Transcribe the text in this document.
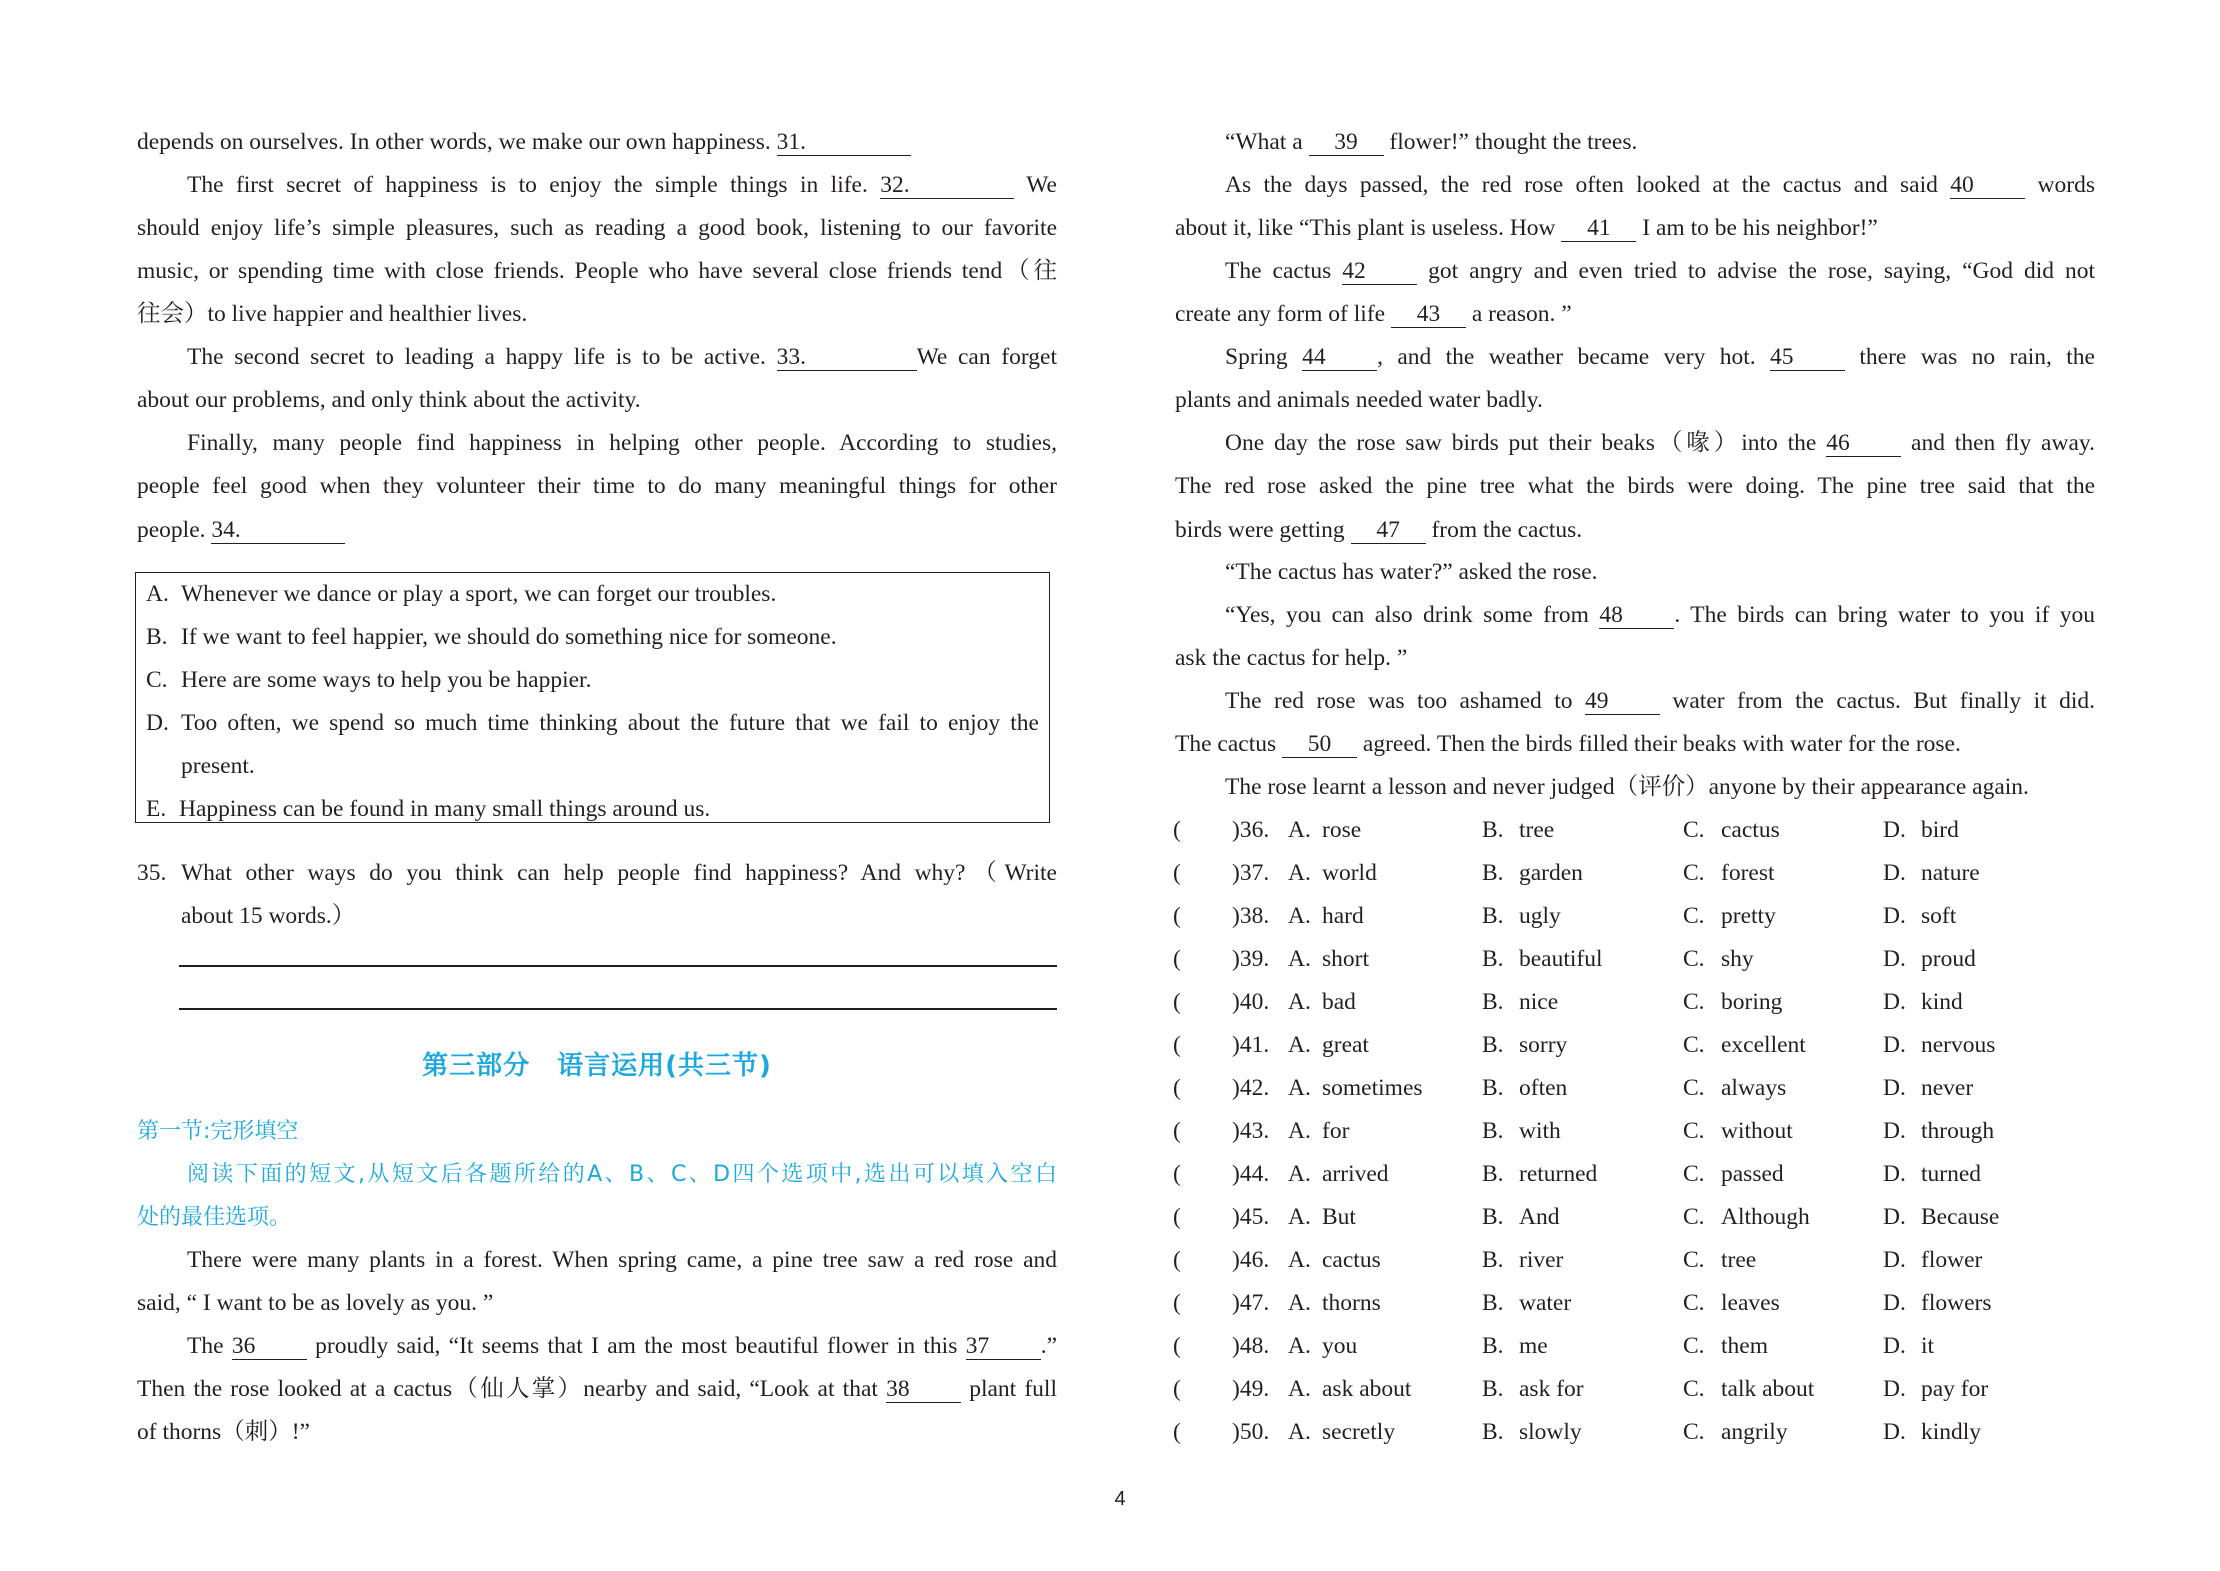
depends on ourselves. In other words, we make our own happiness. 31.
The first secret of happiness is to enjoy the simple things in life. 32.	We
should enjoy life’s simple pleasures, such as reading a good book, listening to our favorite
music, or spending time with close friends. People who have several close friends tend（往
往会）to live happier and healthier lives.
The second secret to leading a happy life is to be active. 33.	We can forget
about our problems, and only think about the activity.
Finally, many people find happiness in helping other people. According to studies,
people feel good when they volunteer their time to do many meaningful things for other
people. 34.
A. Whenever we dance or play a sport, we can forget our troubles.
B. If we want to feel happier, we should do something nice for someone.
C. Here are some ways to help you be happier.
D. Too often, we spend so much time thinking about the future that we fail to enjoy the
present.
E. Happiness can be found in many small things around us.
35. What other ways do you think can help people find happiness? And why?（Write
about 15 words.）
第三部分　语言运用(共三节)
第一节:完形填空
阅读下面的短文,从短文后各题所给的A、B、C、D四个选项中,选出可以填入空白
处的最佳选项。
There were many plants in a forest. When spring came, a pine tree saw a red rose and
said, “ I want to be as lovely as you. ”
The 36 proudly said, “It seems that I am the most beautiful flower in this 37 .”
Then the rose looked at a cactus（仙人掌）nearby and said, “Look at that 38 plant full
of thorns（刺）!”
“What a 39 flower!” thought the trees.
As the days passed, the red rose often looked at the cactus and said 40 words
about it, like “This plant is useless. How 41 I am to be his neighbor!”
The cactus 42 got angry and even tried to advise the rose, saying, “God did not
create any form of life 43 a reason. ”
Spring 44 , and the weather became very hot. 45 there was no rain, the
plants and animals needed water badly.
One day the rose saw birds put their beaks（喙）into the 46 and then fly away.
The red rose asked the pine tree what the birds were doing. The pine tree said that the
birds were getting 47 from the cactus.
“The cactus has water?” asked the rose.
“Yes, you can also drink some from 48 . The birds can bring water to you if you
ask the cactus for help. ”
The red rose was too ashamed to 49 water from the cactus. But finally it did.
The cactus 50 agreed. Then the birds filled their beaks with water for the rose.
The rose learnt a lesson and never judged（评价）anyone by their appearance again.
( )36. A. rose	B. tree	C. cactus	D. bird
( )37. A. world	B. garden	C. forest	D. nature
( )38. A. hard	B. ugly	C. pretty	D. soft
( )39. A. short	B. beautiful	C. shy	D. proud
( )40. A. bad	B. nice	C. boring	D. kind
( )41. A. great	B. sorry	C. excellent	D. nervous
( )42. A. sometimes	B. often	C. always	D. never
( )43. A. for	B. with	C. without	D. through
( )44. A. arrived	B. returned	C. passed	D. turned
( )45. A. But	B. And	C. Although	D. Because
( )46. A. cactus	B. river	C. tree	D. flower
( )47. A. thorns	B. water	C. leaves	D. flowers
( )48. A. you	B. me	C. them	D. it
( )49. A. ask about	B. ask for	C. talk about	D. pay for
( )50. A. secretly	B. slowly	C. angrily	D. kindly
4
